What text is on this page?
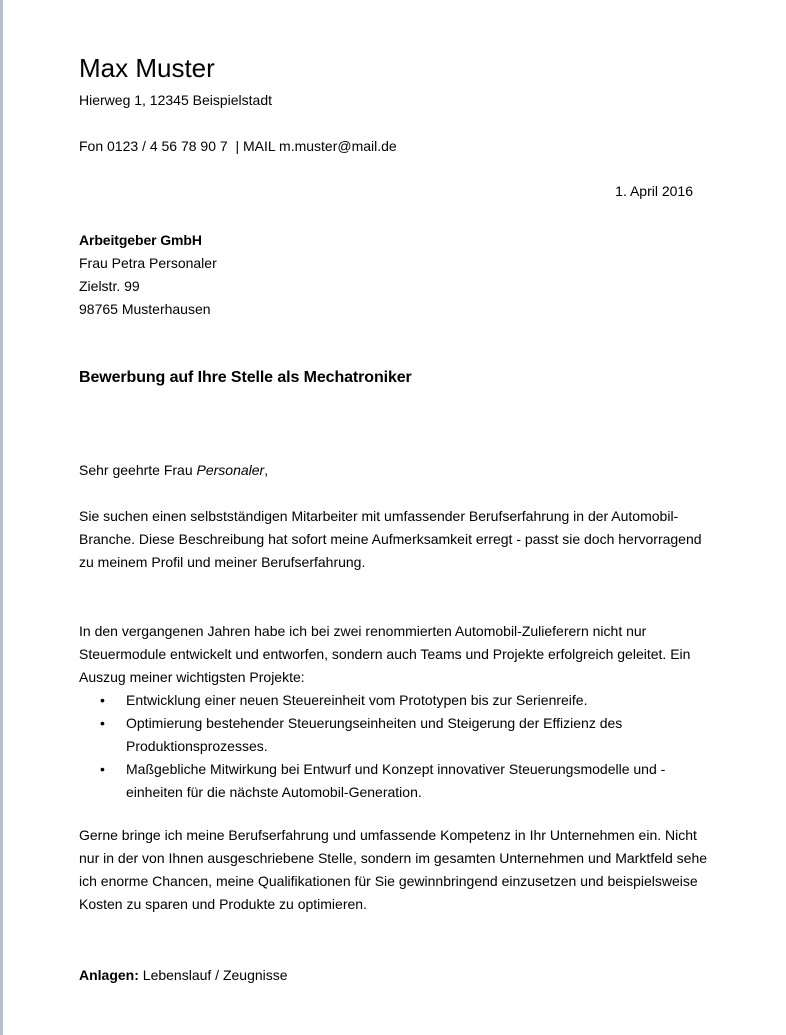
Max Muster
Hierweg 1, 12345 Beispielstadt
Fon 0123 / 4 56 78 90 7  | MAIL m.muster@mail.de
1. April 2016
Arbeitgeber GmbH
Frau Petra Personaler
Zielstr. 99
98765 Musterhausen
Bewerbung auf Ihre Stelle als Mechatroniker
Sehr geehrte Frau Personaler,
Sie suchen einen selbstständigen Mitarbeiter mit umfassender Berufserfahrung in der Automobil-Branche. Diese Beschreibung hat sofort meine Aufmerksamkeit erregt - passt sie doch hervorragend zu meinem Profil und meiner Berufserfahrung.
In den vergangenen Jahren habe ich bei zwei renommierten Automobil-Zulieferern nicht nur Steuermodule entwickelt und entworfen, sondern auch Teams und Projekte erfolgreich geleitet. Ein Auszug meiner wichtigsten Projekte:
• Entwicklung einer neuen Steuereinheit vom Prototypen bis zur Serienreife.
• Optimierung bestehender Steuerungseinheiten und Steigerung der Effizienz des Produktionsprozesses.
• Maßgebliche Mitwirkung bei Entwurf und Konzept innovativer Steuerungsmodelle und -einheiten für die nächste Automobil-Generation.
Gerne bringe ich meine Berufserfahrung und umfassende Kompetenz in Ihr Unternehmen ein. Nicht nur in der von Ihnen ausgeschriebene Stelle, sondern im gesamten Unternehmen und Marktfeld sehe ich enorme Chancen, meine Qualifikationen für Sie gewinnbringend einzusetzen und beispielsweise Kosten zu sparen und Produkte zu optimieren.
Anlagen: Lebenslauf / Zeugnisse
